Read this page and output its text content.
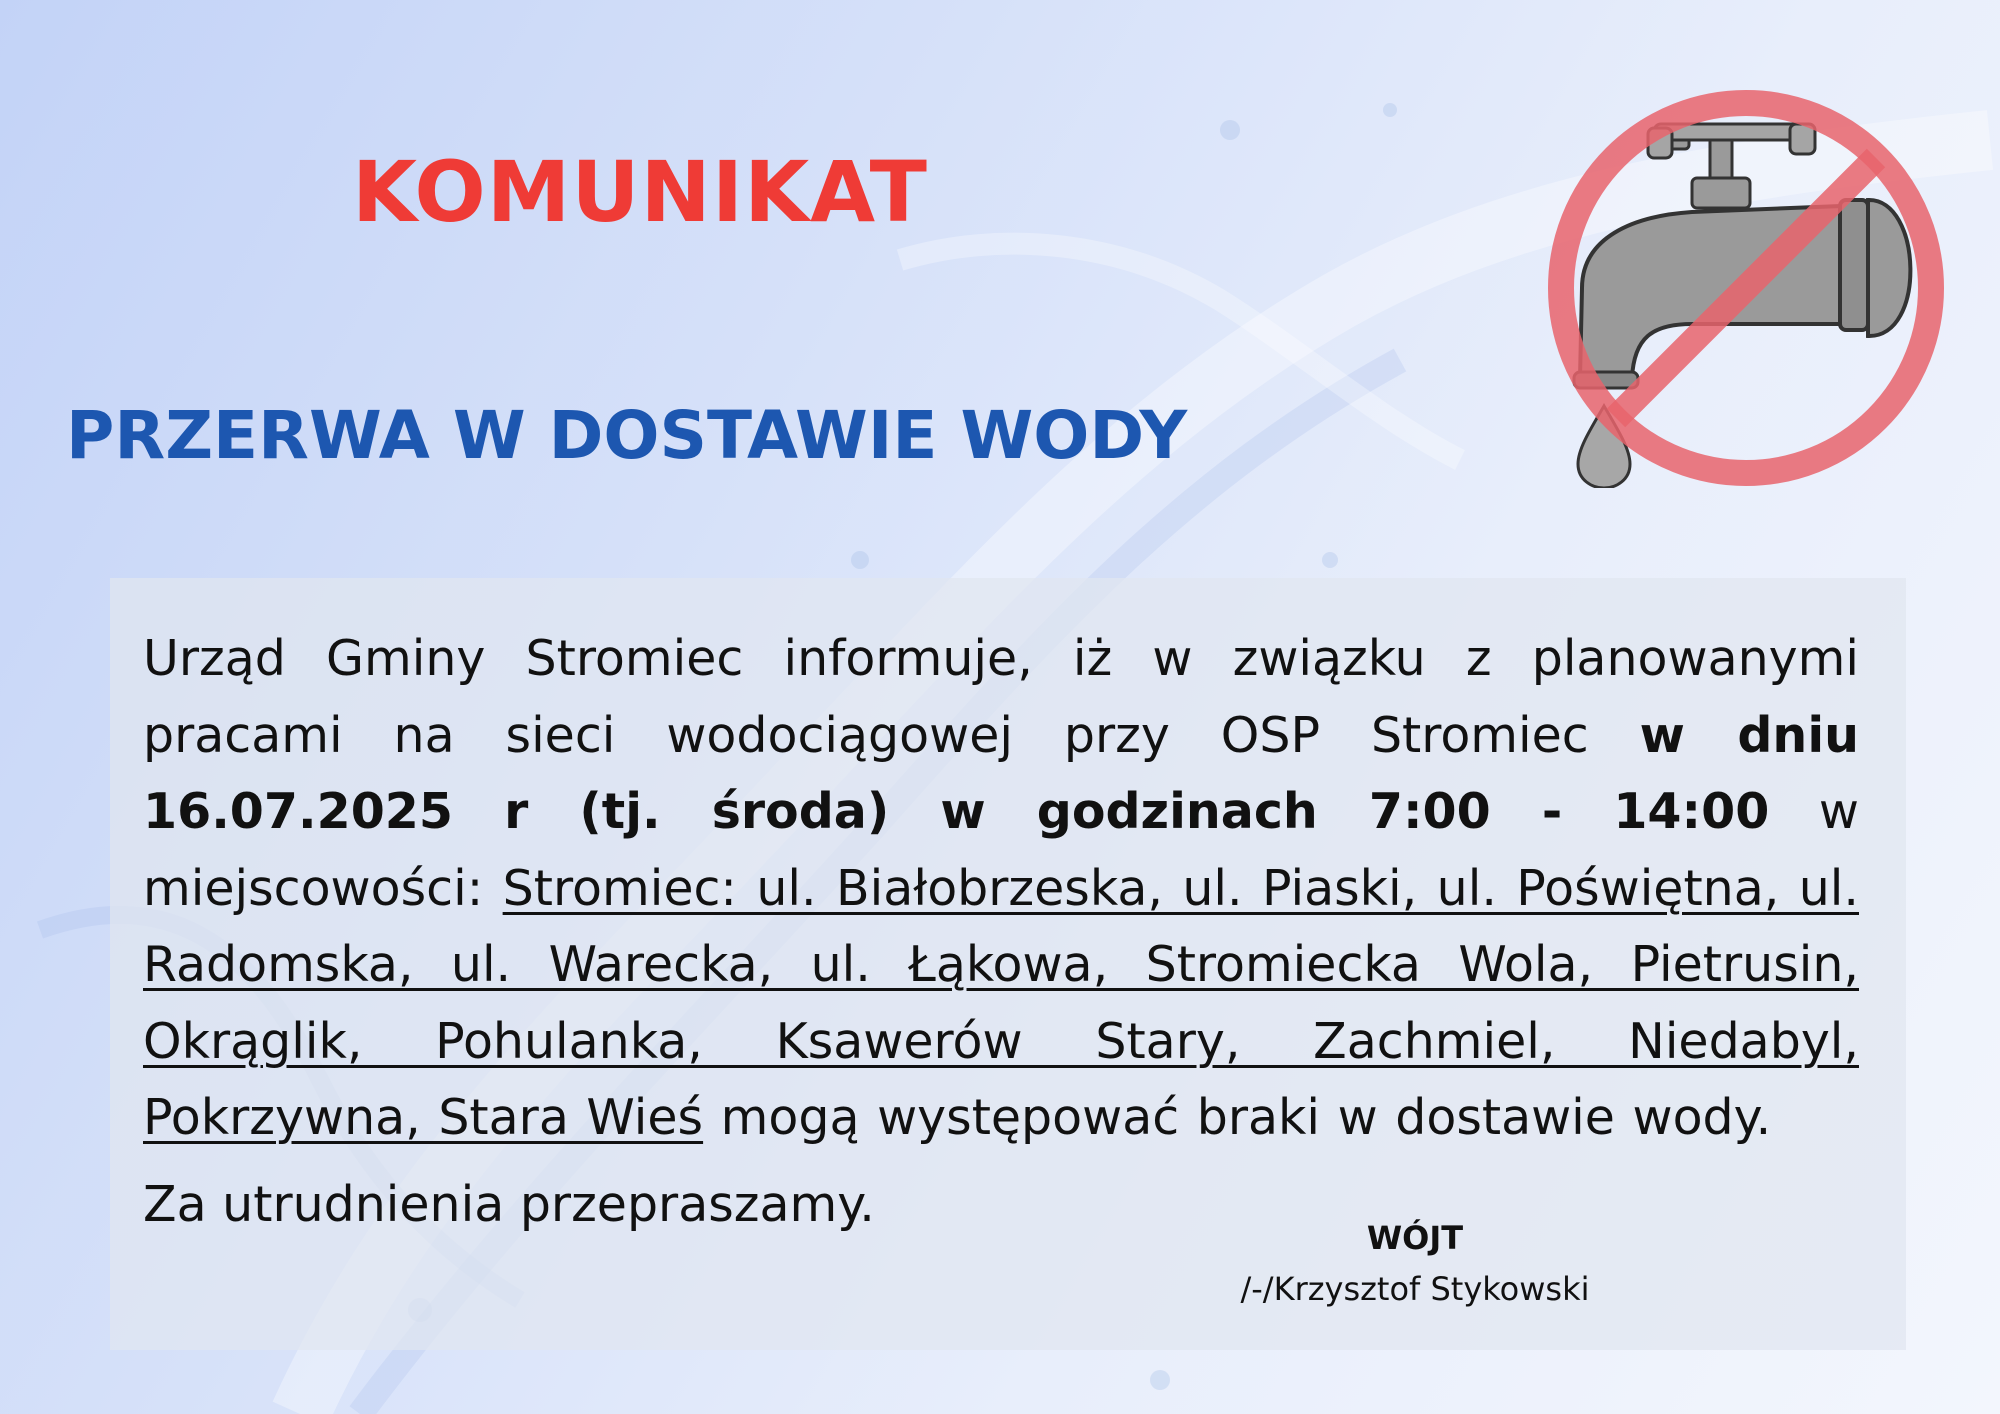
KOMUNIKAT
PRZERWA W DOSTAWIE WODY

Urząd Gminy Stromiec informuje, iż w związku z planowanymi pracami na sieci wodociągowej przy OSP Stromiec w dniu 16.07.2025 r (tj. środa) w godzinach 7:00 - 14:00 w miejscowości: Stromiec: ul. Białobrzeska, ul. Piaski, ul. Poświętna, ul. Radomska, ul. Warecka, ul. Łąkowa, Stromiecka Wola, Pietrusin, Okrąglik, Pohulanka, Ksawerów Stary, Zachmiel, Niedabyl, Pokrzywna, Stara Wieś mogą występować braki w dostawie wody.

Za utrudnienia przepraszamy.

WÓJT
/-/Krzysztof Stykowski
